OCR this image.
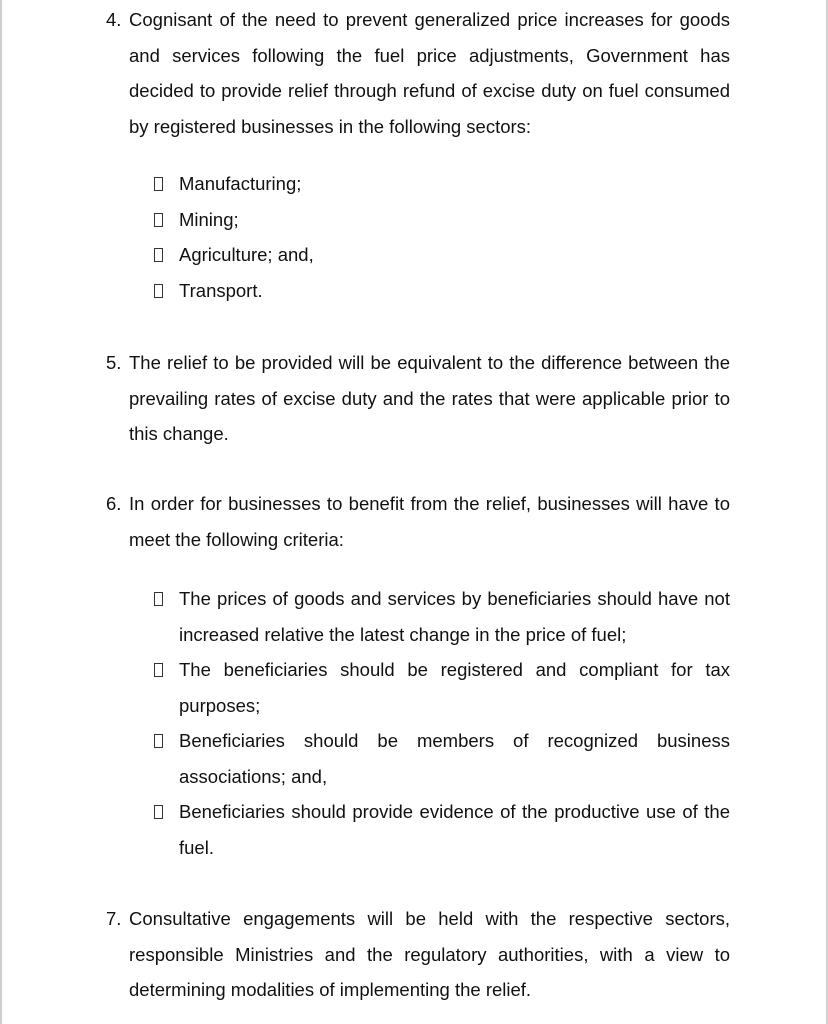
4. Cognisant of the need to prevent generalized price increases for goods and services following the fuel price adjustments, Government has decided to provide relief through refund of excise duty on fuel consumed by registered businesses in the following sectors:
Manufacturing;
Mining;
Agriculture; and,
Transport.
5. The relief to be provided will be equivalent to the difference between the prevailing rates of excise duty and the rates that were applicable prior to this change.
6. In order for businesses to benefit from the relief, businesses will have to meet the following criteria:
The prices of goods and services by beneficiaries should have not increased relative the latest change in the price of fuel;
The beneficiaries should be registered and compliant for tax purposes;
Beneficiaries should be members of recognized business associations; and,
Beneficiaries should provide evidence of the productive use of the fuel.
7. Consultative engagements will be held with the respective sectors, responsible Ministries and the regulatory authorities, with a view to determining modalities of implementing the relief.
